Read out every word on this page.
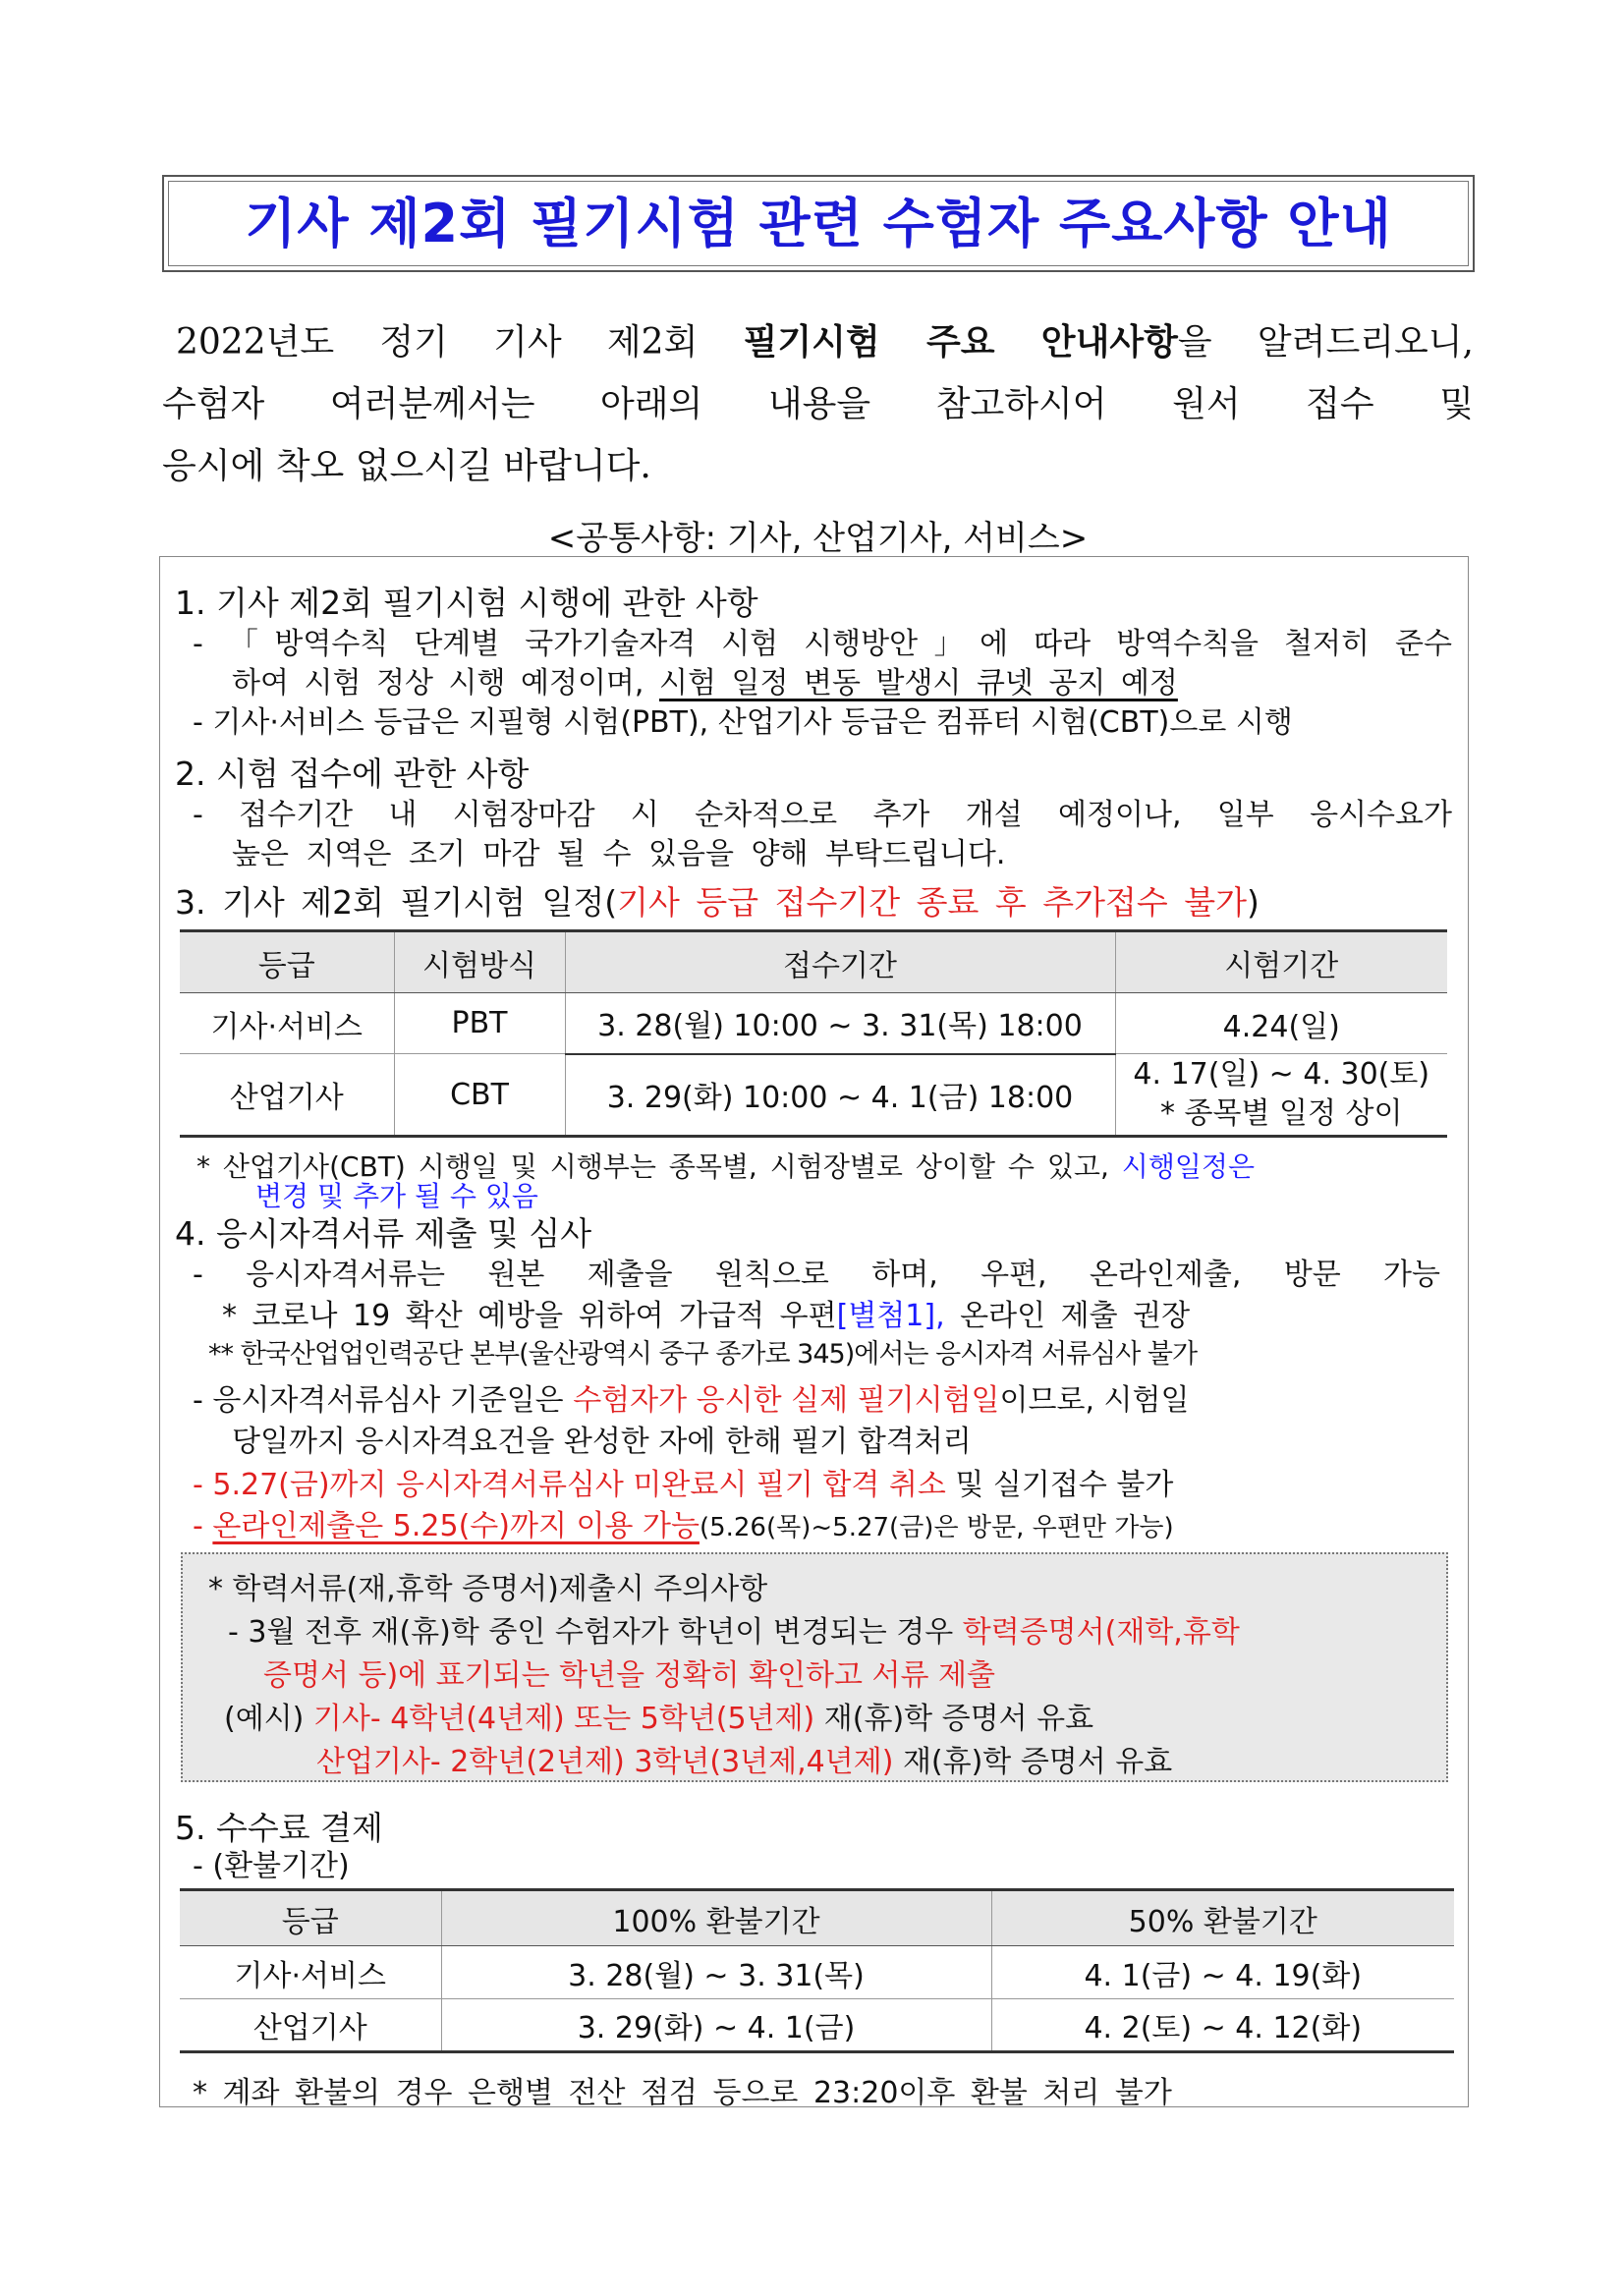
기사 제2회 필기시험 관련 수험자 주요사항 안내
2022년도 정기 기사 제2회 필기시험 주요 안내사항을 알려드리오니,
수험자 여러분께서는 아래의 내용을 참고하시어 원서 접수 및
응시에 착오 없으시길 바랍니다.
<공통사항: 기사, 산업기사, 서비스>
1. 기사 제2회 필기시험 시행에 관한 사항
- 「방역수칙 단계별 국가기술자격 시험 시행방안」에 따라 방역수칙을 철저히 준수
하여 시험 정상 시행 예정이며, 시험 일정 변동 발생시 큐넷 공지 예정
- 기사·서비스 등급은 지필형 시험(PBT), 산업기사 등급은 컴퓨터 시험(CBT)으로 시행
2. 시험 접수에 관한 사항
- 접수기간 내 시험장마감 시 순차적으로 추가 개설 예정이나, 일부 응시수요가
높은 지역은 조기 마감 될 수 있음을 양해 부탁드립니다.
3. 기사 제2회 필기시험 일정(기사 등급 접수기간 종료 후 추가접수 불가)
등급	시험방식	접수기간	시험기간
기사·서비스	PBT	3. 28(월) 10:00 ~ 3. 31(목) 18:00	4.24(일)
산업기사	CBT	3. 29(화) 10:00 ~ 4. 1(금) 18:00	4. 17(일) ~ 4. 30(토)
* 종목별 일정 상이
* 산업기사(CBT) 시행일 및 시행부는 종목별, 시험장별로 상이할 수 있고, 시행일정은
변경 및 추가 될 수 있음
4. 응시자격서류 제출 및 심사
- 응시자격서류는 원본 제출을 원칙으로 하며, 우편, 온라인제출, 방문 가능
* 코로나 19 확산 예방을 위하여 가급적 우편[별첨1], 온라인 제출 권장
** 한국산업업인력공단 본부(울산광역시 중구 종가로 345)에서는 응시자격 서류심사 불가
- 응시자격서류심사 기준일은 수험자가 응시한 실제 필기시험일이므로, 시험일
당일까지 응시자격요건을 완성한 자에 한해 필기 합격처리
- 5.27(금)까지 응시자격서류심사 미완료시 필기 합격 취소 및 실기접수 불가
- 온라인제출은 5.25(수)까지 이용 가능(5.26(목)~5.27(금)은 방문, 우편만 가능)
* 학력서류(재,휴학 증명서)제출시 주의사항
- 3월 전후 재(휴)학 중인 수험자가 학년이 변경되는 경우 학력증명서(재학,휴학
증명서 등)에 표기되는 학년을 정확히 확인하고 서류 제출
(예시) 기사- 4학년(4년제) 또는 5학년(5년제) 재(휴)학 증명서 유효
산업기사- 2학년(2년제) 3학년(3년제,4년제) 재(휴)학 증명서 유효
5. 수수료 결제
- (환불기간)
등급	100% 환불기간	50% 환불기간
기사·서비스	3. 28(월) ~ 3. 31(목)	4. 1(금) ~ 4. 19(화)
산업기사	3. 29(화) ~ 4. 1(금)	4. 2(토) ~ 4. 12(화)
* 계좌 환불의 경우 은행별 전산 점검 등으로 23:20이후 환불 처리 불가
